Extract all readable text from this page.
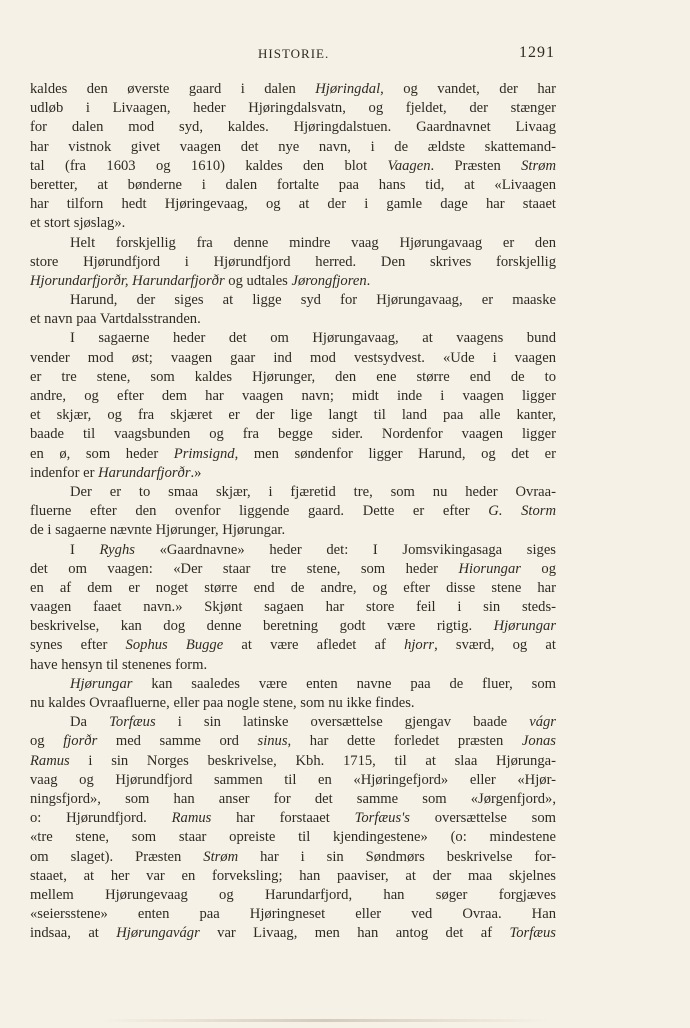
HISTORIE.	1291
kaldes den øverste gaard i dalen Hjøringdal, og vandet, der har
udløb i Livaagen, heder Hjøringdalsvatn, og fjeldet, der stænger
for dalen mod syd, kaldes. Hjøringdalstuen. Gaardnavnet Livaag
har vistnok givet vaagen det nye navn, i de ældste skattemand-
tal (fra 1603 og 1610) kaldes den blot Vaagen. Præsten Strøm
beretter, at bønderne i dalen fortalte paa hans tid, at «Livaagen
har tilforn hedt Hjøringevaag, og at der i gamle dage har staaet
et stort sjøslag».
Helt forskjellig fra denne mindre vaag Hjørungavaag er den
store Hjørundfjord i Hjørundfjord herred. Den skrives forskjellig
Hjorundarfjorðr, Harundarfjorðr og udtales Jørongfjoren.
Harund, der siges at ligge syd for Hjørungavaag, er maaske
et navn paa Vartdalsstranden.
I sagaerne heder det om Hjørungavaag, at vaagens bund
vender mod øst; vaagen gaar ind mod vestsydvest. «Ude i vaagen
er tre stene, som kaldes Hjørunger, den ene større end de to
andre, og efter dem har vaagen navn; midt inde i vaagen ligger
et skjær, og fra skjæret er der lige langt til land paa alle kanter,
baade til vaagsbunden og fra begge sider. Nordenfor vaagen ligger
en ø, som heder Primsignd, men søndenfor ligger Harund, og det er
indenfor er Harundarfjorðr.»
Der er to smaa skjær, i fjæretid tre, som nu heder Ovraa-
fluerne efter den ovenfor liggende gaard. Dette er efter G. Storm
de i sagaerne nævnte Hjørunger, Hjørungar.
I Ryghs «Gaardnavne» heder det: I Jomsvikingasaga siges
det om vaagen: «Der staar tre stene, som heder Hiorungar og
en af dem er noget større end de andre, og efter disse stene har
vaagen faaet navn.» Skjønt sagaen har store feil i sin steds-
beskrivelse, kan dog denne beretning godt være rigtig. Hjørungar
synes efter Sophus Bugge at være afledet af hjorr, sværd, og at
have hensyn til stenenes form.
Hjørungar kan saaledes være enten navne paa de fluer, som
nu kaldes Ovraafluerne, eller paa nogle stene, som nu ikke findes.
Da Torfæus i sin latinske oversættelse gjengav baade vágr
og fjorðr med samme ord sinus, har dette forledet præsten Jonas
Ramus i sin Norges beskrivelse, Kbh. 1715, til at slaa Hjørunga-
vaag og Hjørundfjord sammen til en «Hjøringefjord» eller «Hjør-
ningsfjord», som han anser for det samme som «Jørgenfjord»,
o: Hjørundfjord. Ramus har forstaaet Torfæus's oversættelse som
«tre stene, som staar opreiste til kjendingestene» (o: mindestene
om slaget). Præsten Strøm har i sin Søndmørs beskrivelse for-
staaet, at her var en forveksling; han paaviser, at der maa skjelnes
mellem Hjørungevaag og Harundarfjord, han søger forgjæves
«seiersstene» enten paa Hjøringneset eller ved Ovraa. Han
indsaa, at Hjørungavágr var Livaag, men han antog det af Torfæus
